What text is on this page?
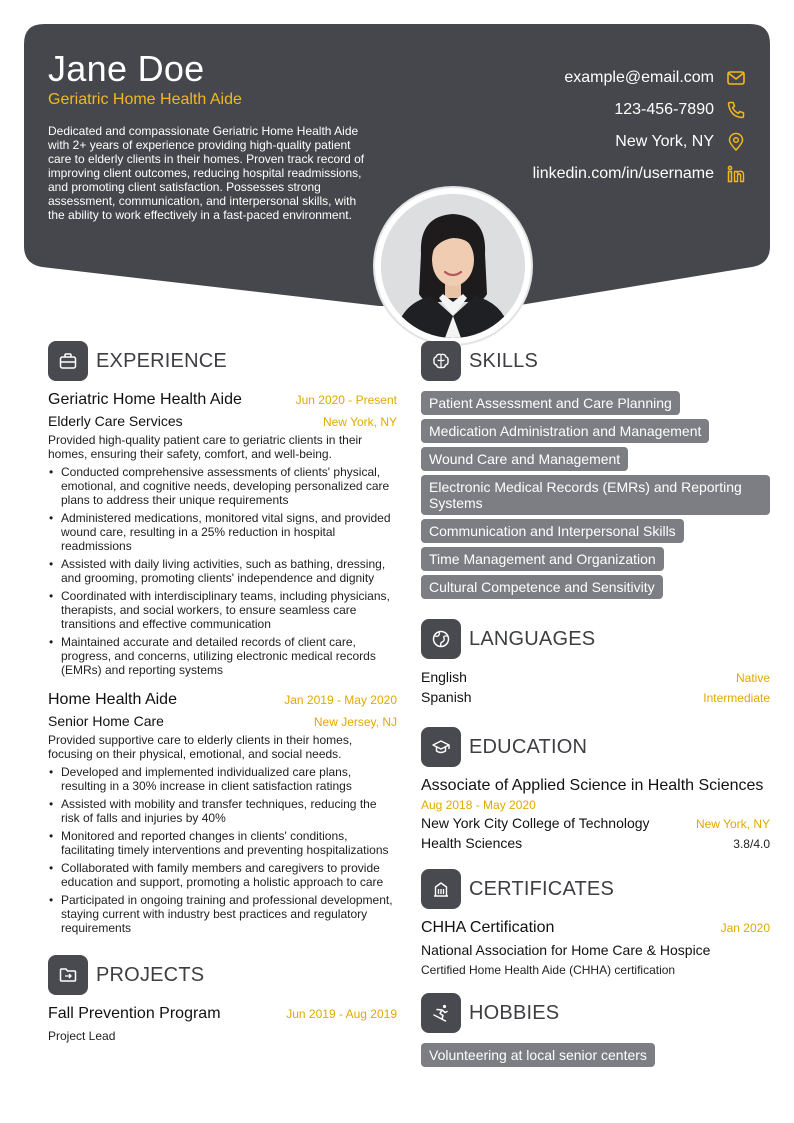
Jane Doe
Geriatric Home Health Aide
Dedicated and compassionate Geriatric Home Health Aide with 2+ years of experience providing high-quality patient care to elderly clients in their homes. Proven track record of improving client outcomes, reducing hospital readmissions, and promoting client satisfaction. Possesses strong assessment, communication, and interpersonal skills, with the ability to work effectively in a fast-paced environment.
example@email.com
123-456-7890
New York, NY
linkedin.com/in/username
EXPERIENCE
Geriatric Home Health Aide	Jun 2020 - Present
Elderly Care Services	New York, NY
Provided high-quality patient care to geriatric clients in their homes, ensuring their safety, comfort, and well-being.
• Conducted comprehensive assessments of clients' physical, emotional, and cognitive needs, developing personalized care plans to address their unique requirements
• Administered medications, monitored vital signs, and provided wound care, resulting in a 25% reduction in hospital readmissions
• Assisted with daily living activities, such as bathing, dressing, and grooming, promoting clients' independence and dignity
• Coordinated with interdisciplinary teams, including physicians, therapists, and social workers, to ensure seamless care transitions and effective communication
• Maintained accurate and detailed records of client care, progress, and concerns, utilizing electronic medical records (EMRs) and reporting systems
Home Health Aide	Jan 2019 - May 2020
Senior Home Care	New Jersey, NJ
Provided supportive care to elderly clients in their homes, focusing on their physical, emotional, and social needs.
• Developed and implemented individualized care plans, resulting in a 30% increase in client satisfaction ratings
• Assisted with mobility and transfer techniques, reducing the risk of falls and injuries by 40%
• Monitored and reported changes in clients' conditions, facilitating timely interventions and preventing hospitalizations
• Collaborated with family members and caregivers to provide education and support, promoting a holistic approach to care
• Participated in ongoing training and professional development, staying current with industry best practices and regulatory requirements
PROJECTS
Fall Prevention Program	Jun 2019 - Aug 2019
Project Lead
SKILLS
Patient Assessment and Care Planning
Medication Administration and Management
Wound Care and Management
Electronic Medical Records (EMRs) and Reporting Systems
Communication and Interpersonal Skills
Time Management and Organization
Cultural Competence and Sensitivity
LANGUAGES
English	Native
Spanish	Intermediate
EDUCATION
Associate of Applied Science in Health Sciences
Aug 2018 - May 2020
New York City College of Technology	New York, NY
Health Sciences	3.8/4.0
CERTIFICATES
CHHA Certification	Jan 2020
National Association for Home Care & Hospice
Certified Home Health Aide (CHHA) certification
HOBBIES
Volunteering at local senior centers
